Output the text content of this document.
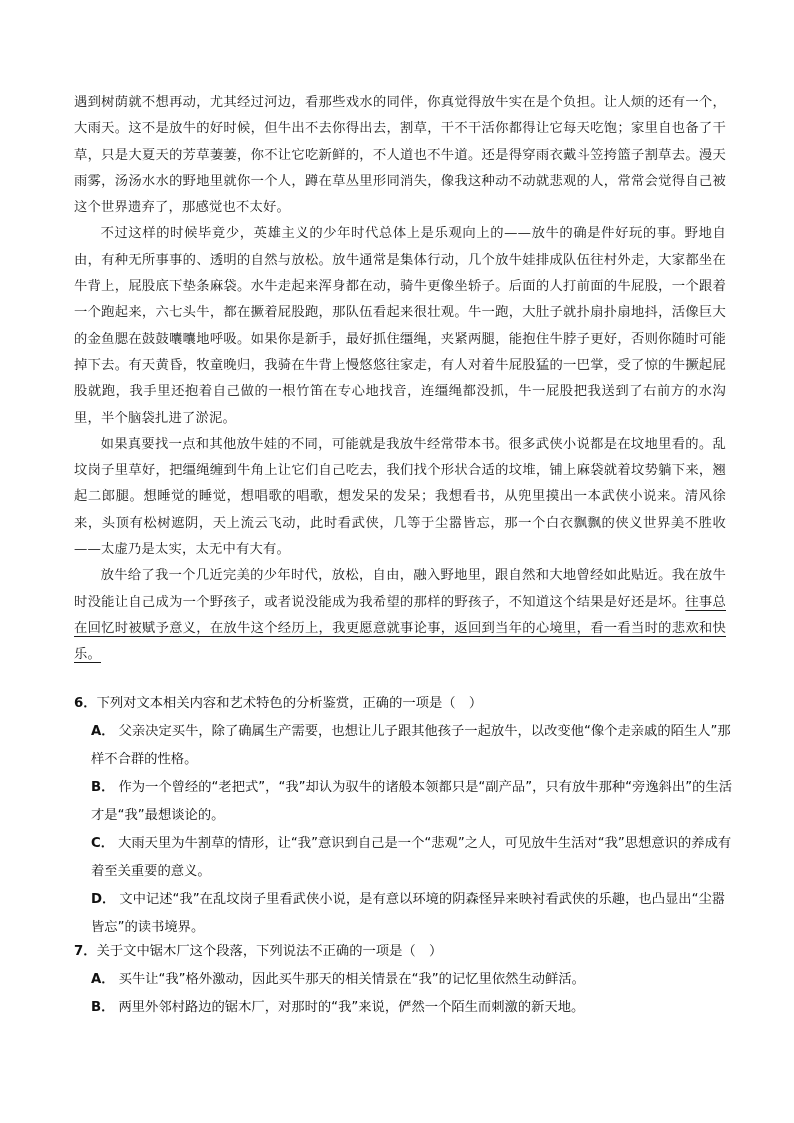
遇到树荫就不想再动，尤其经过河边，看那些戏水的同伴，你真觉得放牛实在是个负担。让人烦的还有一个，大雨天。这不是放牛的好时候，但牛出不去你得出去，割草，干不干活你都得让它每天吃饱；家里自也备了干草，只是大夏天的芳草萋萋，你不让它吃新鲜的，不人道也不牛道。还是得穿雨衣戴斗笠挎篮子割草去。漫天雨雾，汤汤水水的野地里就你一个人，蹲在草丛里形同消失，像我这种动不动就悲观的人，常常会觉得自己被这个世界遗弃了，那感觉也不太好。

不过这样的时候毕竟少，英雄主义的少年时代总体上是乐观向上的——放牛的确是件好玩的事。野地自由，有种无所事事的、透明的自然与放松。放牛通常是集体行动，几个放牛娃排成队伍往村外走，大家都坐在牛背上，屁股底下垫条麻袋。水牛走起来浑身都在动，骑牛更像坐轿子。后面的人打前面的牛屁股，一个跟着一个跑起来，六七头牛，都在撅着屁股跑，那队伍看起来很壮观。牛一跑，大肚子就扑扇扑扇地抖，活像巨大的金鱼腮在鼓鼓囔囔地呼吸。如果你是新手，最好抓住缰绳，夹紧两腿，能抱住牛脖子更好，否则你随时可能掉下去。有天黄昏，牧童晚归，我骑在牛背上慢悠悠往家走，有人对着牛屁股猛的一巴掌，受了惊的牛撅起屁股就跑，我手里还抱着自己做的一根竹笛在专心地找音，连缰绳都没抓，牛一屁股把我送到了右前方的水沟里，半个脑袋扎进了淤泥。

如果真要找一点和其他放牛娃的不同，可能就是我放牛经常带本书。很多武侠小说都是在坟地里看的。乱坟岗子里草好，把缰绳缠到牛角上让它们自己吃去，我们找个形状合适的坟堆，铺上麻袋就着坟势躺下来，翘起二郎腿。想睡觉的睡觉，想唱歌的唱歌，想发呆的发呆；我想看书，从兜里摸出一本武侠小说来。清风徐来，头顶有松树遮阴，天上流云飞动，此时看武侠，几等于尘嚣皆忘，那一个白衣飘飘的侠义世界美不胜收——太虚乃是太实，太无中有大有。

放牛给了我一个几近完美的少年时代，放松，自由，融入野地里，跟自然和大地曾经如此贴近。我在放牛时没能让自己成为一个野孩子，或者说没能成为我希望的那样的野孩子，不知道这个结果是好还是坏。往事总在回忆时被赋予意义，在放牛这个经历上，我更愿意就事论事，返回到当年的心境里，看一看当时的悲欢和快乐。

6．下列对文本相关内容和艺术特色的分析鉴赏，正确的一项是（　）

A． 父亲决定买牛，除了确属生产需要，也想让儿子跟其他孩子一起放牛，以改变他“像个走亲戚的陌生人”那样不合群的性格。

B． 作为一个曾经的“老把式”，“我”却认为驭牛的诸般本领都只是“副产品”，只有放牛那种“旁逸斜出”的生活才是“我”最想谈论的。

C． 大雨天里为牛割草的情形，让“我”意识到自己是一个“悲观”之人，可见放牛生活对“我”思想意识的养成有着至关重要的意义。

D． 文中记述“我”在乱坟岗子里看武侠小说，是有意以环境的阴森怪异来映衬看武侠的乐趣，也凸显出“尘嚣皆忘”的读书境界。

7．关于文中锯木厂这个段落，下列说法不正确的一项是（　）

A． 买牛让“我”格外激动，因此买牛那天的相关情景在“我”的记忆里依然生动鲜活。

B． 两里外邻村路边的锯木厂，对那时的“我”来说，俨然一个陌生而刺激的新天地。
